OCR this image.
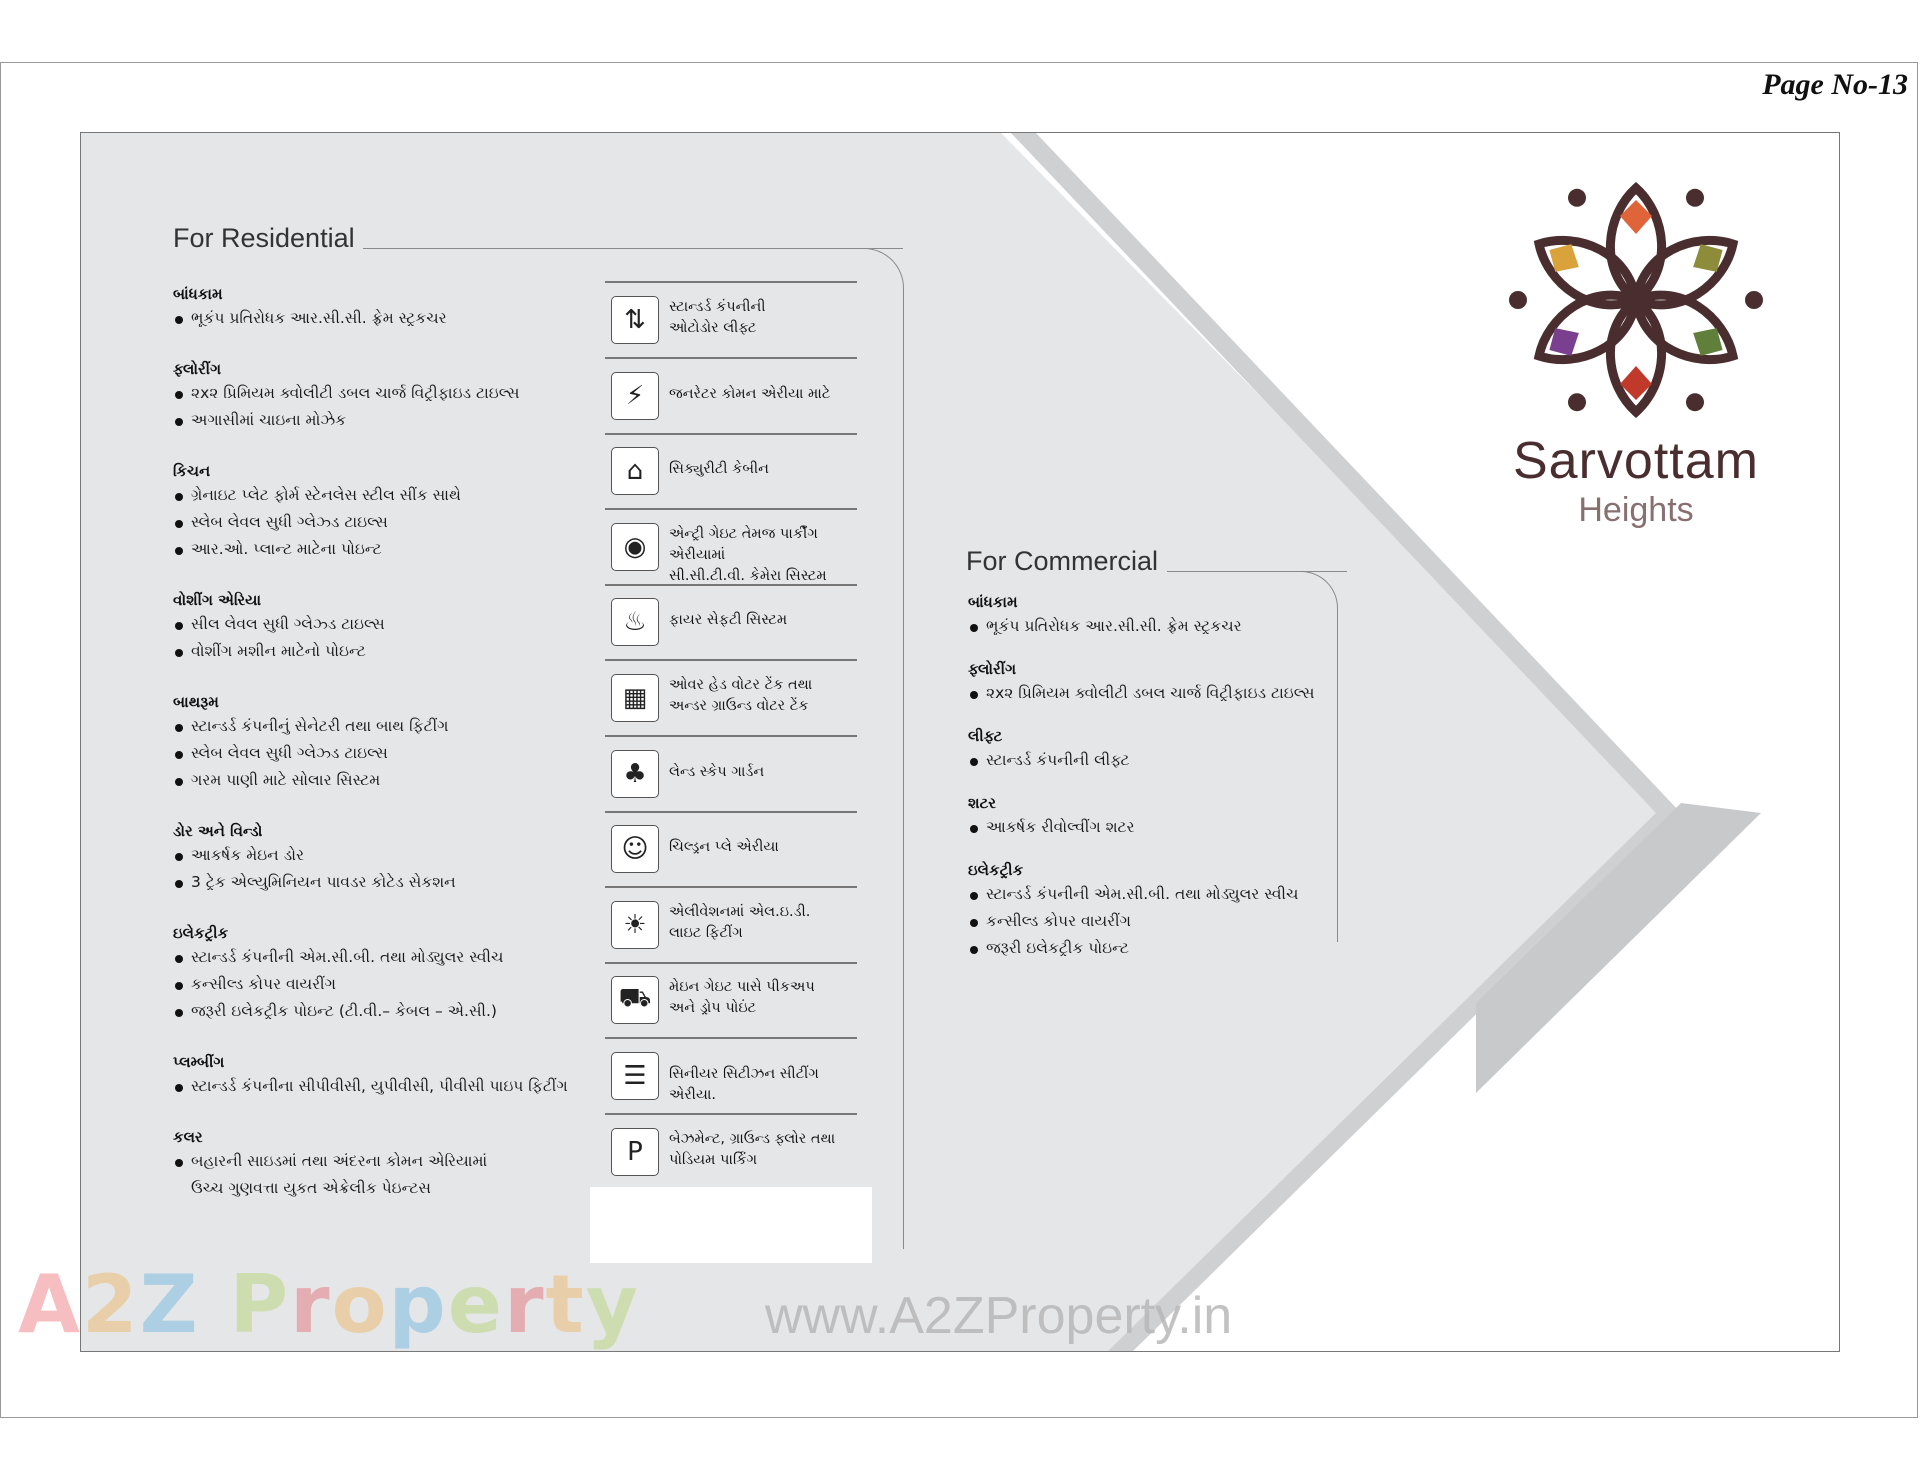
Page No-13
For Residential
બાંધકામ
ભૂકંપ પ્રતિરોધક આર.સી.સી. ફ્રેમ સ્ટ્રકચર
ફ્લોરીંગ
૨x૨ પ્રિમિયમ ક્વોલીટી ડબલ ચાર્જ વિટ્રીફાઇડ ટાઇલ્સ
અગાસીમાં ચાઇના મોઝેક
કિચન
ગ્રેનાઇટ પ્લેટ ફોર્મ સ્ટેનલેસ સ્ટીલ સીંક સાથે
સ્લેબ લેવલ સુધી ગ્લેઝ્ડ ટાઇલ્સ
આર.ઓ. પ્લાન્ટ માટેના પોઇન્ટ
વોશીંગ એરિયા
સીલ લેવલ સુધી ગ્લેઝ્ડ ટાઇલ્સ
વોશીંગ મશીન માટેનો પોઇન્ટ
બાથરૂમ
સ્ટાન્ડર્ડ કંપનીનું સેનેટરી તથા બાથ ફિટીંગ
સ્લેબ લેવલ સુધી ગ્લેઝ્ડ ટાઇલ્સ
ગરમ પાણી માટે સોલાર સિસ્ટમ
ડોર અને વિન્ડો
આકર્ષક મેઇન ડોર
3 ટ્રેક એલ્યુમિનિયન પાવડર કોટેડ સેકશન
ઇલેકટ્રીક
સ્ટાન્ડર્ડ કંપનીની એમ.સી.બી. તથા મોડ્યુલર સ્વીચ
કન્સીલ્ડ કોપર વાયરીંગ
જરૂરી ઇલેકટ્રીક પોઇન્ટ (ટી.વી.– કેબલ – એ.સી.)
પ્લમ્બીંગ
સ્ટાન્ડર્ડ કંપનીના સીપીવીસી, યુપીવીસી, પીવીસી પાઇપ ફિટીંગ
કલર
બહારની સાઇડમાં તથા અંદરના કોમન એરિયામાં
ઉચ્ચ ગુણવત્તા યુકત એક્રેલીક પેઇન્ટસ
⇅	સ્ટાન્ડર્ડ કંપનીની
ઓટોડોર લીફ્ટ
⚡	જનરેટર કોમન એરીયા માટે
⌂	સિક્યુરીટી કેબીન
◉	એન્ટ્રી ગેઇટ તેમજ પાર્કીંગ એરીયામાં
સી.સી.ટી.વી. કેમેરા સિસ્ટમ
♨	ફાયર સેફટી સિસ્ટમ
▦	ઓવર હેડ વોટર ટેંક તથા
અન્ડર ગ્રાઉન્ડ વોટર ટેંક
♣	લેન્ડ સ્કેપ ગાર્ડન
☺	ચિલ્ડ્રન પ્લે એરીયા
☀	એલીવેશનમાં એલ.ઇ.ડી.
લાઇટ ફિટીંગ
⛟	મેઇન ગેઇટ પાસે પીકઅપ
અને ડ્રોપ પોઇંટ
☰	સિનીયર સિટીઝન સીટીંગ એરીયા.
P	બેઝમેન્ટ, ગ્રાઉન્ડ ફ્લોર તથા
પોડિયમ પાર્કિંગ
For Commercial
બાંધકામ
ભૂકંપ પ્રતિરોધક આર.સી.સી. ફ્રેમ સ્ટ્રકચર
ફ્લોરીંગ
૨x૨ પ્રિમિયમ ક્વોલીટી ડબલ ચાર્જ વિટ્રીફાઇડ ટાઇલ્સ
લીફ્ટ
સ્ટાન્ડર્ડ કંપનીની લીફ્ટ
શટર
આકર્ષક રીવોલ્વીંગ શટર
ઇલેકટ્રીક
સ્ટાન્ડર્ડ કંપનીની એમ.સી.બી. તથા મોડ્યુલર સ્વીચ
કન્સીલ્ડ કોપર વાયરીંગ
જરૂરી ઇલેકટ્રીક પોઇન્ટ
Sarvottam
Heights
A2Z Property www.A2ZProperty.in
